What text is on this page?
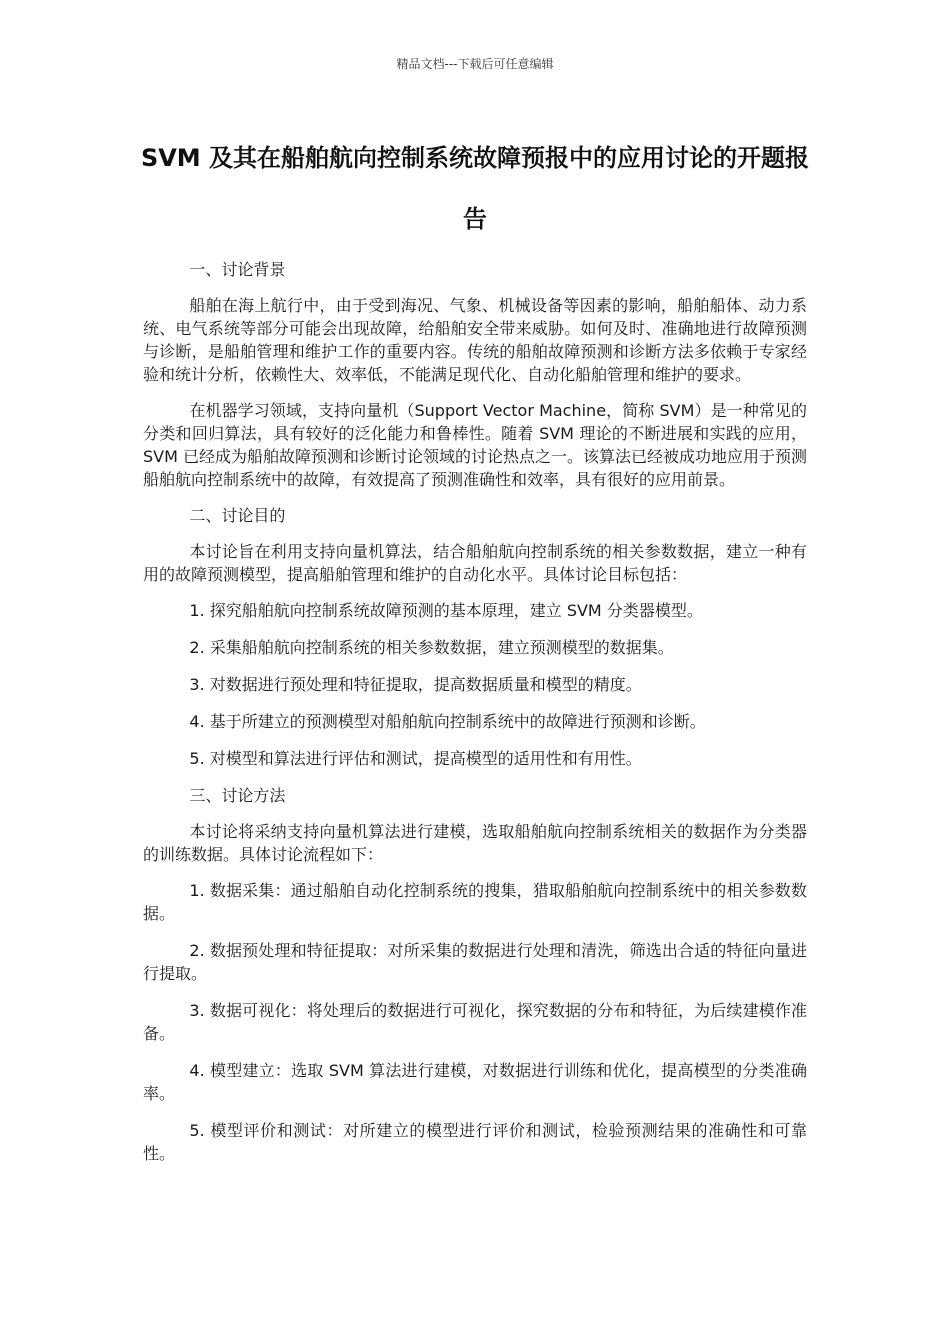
精品文档---下载后可任意编辑
SVM 及其在船舶航向控制系统故障预报中的应用讨论的开题报告

一、讨论背景

船舶在海上航行中，由于受到海况、气象、机械设备等因素的影响，船舶船体、动力系统、电气系统等部分可能会出现故障，给船舶安全带来威胁。如何及时、准确地进行故障预测与诊断，是船舶管理和维护工作的重要内容。传统的船舶故障预测和诊断方法多依赖于专家经验和统计分析，依赖性大、效率低，不能满足现代化、自动化船舶管理和维护的要求。

在机器学习领域，支持向量机（Support Vector Machine，简称 SVM）是一种常见的分类和回归算法，具有较好的泛化能力和鲁棒性。随着 SVM 理论的不断进展和实践的应用，SVM 已经成为船舶故障预测和诊断讨论领域的讨论热点之一。该算法已经被成功地应用于预测船舶航向控制系统中的故障，有效提高了预测准确性和效率，具有很好的应用前景。

二、讨论目的

本讨论旨在利用支持向量机算法，结合船舶航向控制系统的相关参数数据，建立一种有用的故障预测模型，提高船舶管理和维护的自动化水平。具体讨论目标包括：

1. 探究船舶航向控制系统故障预测的基本原理，建立 SVM 分类器模型。

2. 采集船舶航向控制系统的相关参数数据，建立预测模型的数据集。

3. 对数据进行预处理和特征提取，提高数据质量和模型的精度。

4. 基于所建立的预测模型对船舶航向控制系统中的故障进行预测和诊断。

5. 对模型和算法进行评估和测试，提高模型的适用性和有用性。

三、讨论方法

本讨论将采纳支持向量机算法进行建模，选取船舶航向控制系统相关的数据作为分类器的训练数据。具体讨论流程如下：

1. 数据采集：通过船舶自动化控制系统的搜集，猎取船舶航向控制系统中的相关参数数据。

2. 数据预处理和特征提取：对所采集的数据进行处理和清洗，筛选出合适的特征向量进行提取。

3. 数据可视化：将处理后的数据进行可视化，探究数据的分布和特征，为后续建模作准备。

4. 模型建立：选取 SVM 算法进行建模，对数据进行训练和优化，提高模型的分类准确率。

5. 模型评价和测试：对所建立的模型进行评价和测试，检验预测结果的准确性和可靠性。
